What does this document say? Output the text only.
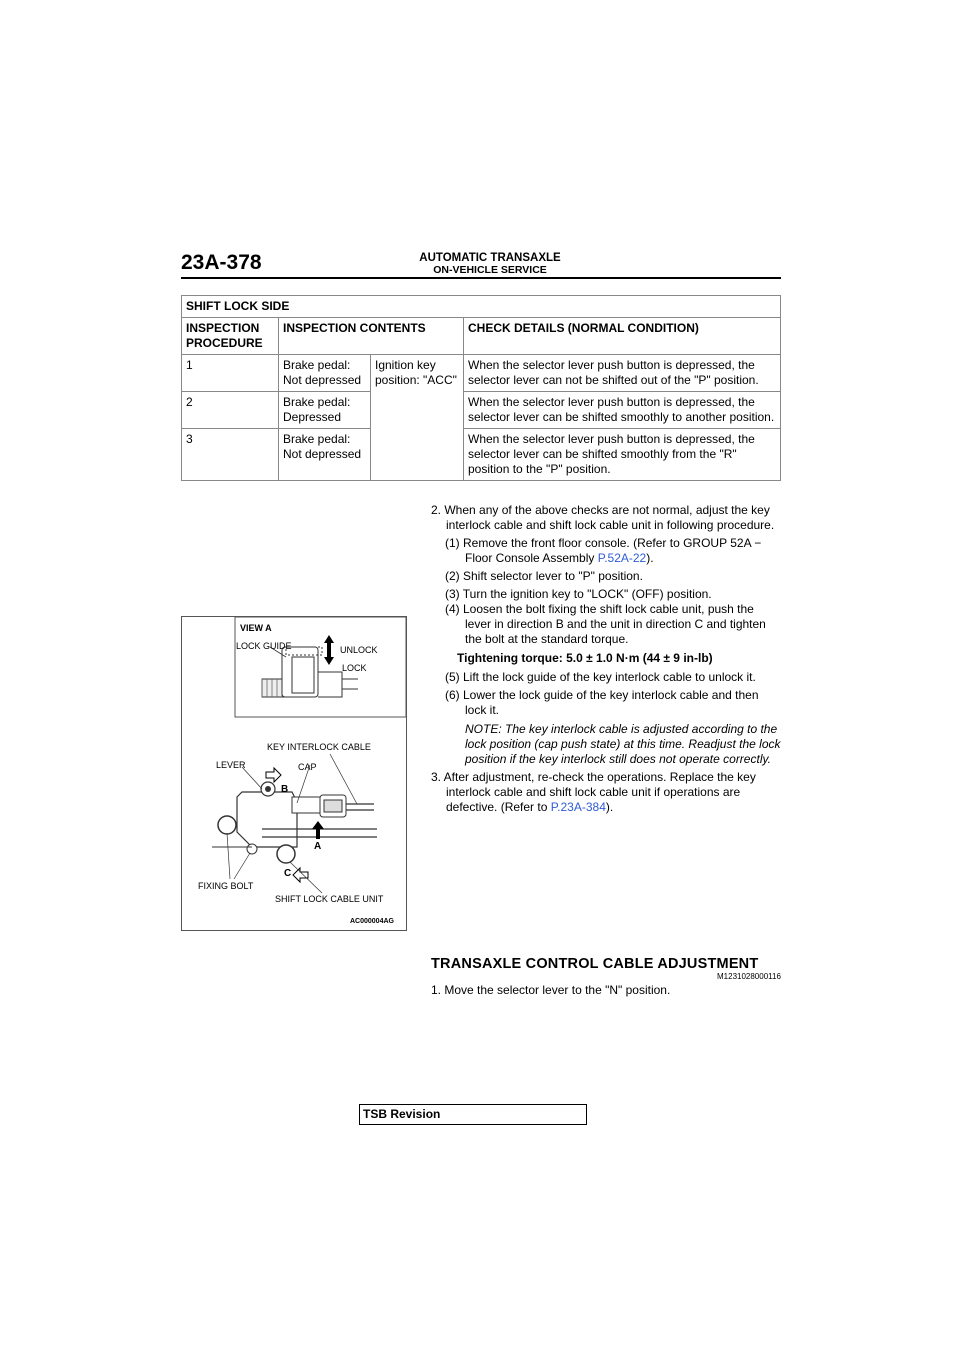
23A-378	AUTOMATIC TRANSAXLE
ON-VEHICLE SERVICE
SHIFT LOCK SIDE			
INSPECTION PROCEDURE	INSPECTION CONTENTS		CHECK DETAILS (NORMAL CONDITION)
1	Brake pedal: Not depressed	Ignition key position: "ACC"	When the selector lever push button is depressed, the selector lever can not be shifted out of the "P" position.
2	Brake pedal: Depressed		When the selector lever push button is depressed, the selector lever can be shifted smoothly to another position.
3	Brake pedal: Not depressed		When the selector lever push button is depressed, the selector lever can be shifted smoothly from the "R" position to the "P" position.
2. When any of the above checks are not normal, adjust the key interlock cable and shift lock cable unit in following procedure.
(1) Remove the front floor console. (Refer to GROUP 52A − Floor Console Assembly P.52A-22).
(2) Shift selector lever to "P" position.
(3) Turn the ignition key to "LOCK" (OFF) position.
(4) Loosen the bolt fixing the shift lock cable unit, push the lever in direction B and the unit in direction C and tighten the bolt at the standard torque.
Tightening torque: 5.0 ± 1.0 N·m (44 ± 9 in-lb)
(5) Lift the lock guide of the key interlock cable to unlock it.
(6) Lower the lock guide of the key interlock cable and then lock it.
NOTE: The key interlock cable is adjusted according to the lock position (cap push state) at this time. Readjust the lock position if the key interlock still does not operate correctly.
3. After adjustment, re-check the operations. Replace the key interlock cable and shift lock cable unit if operations are defective. (Refer to P.23A-384).
VIEW A
LOCK GUIDE	UNLOCK
LOCK
KEY INTERLOCK CABLE
LEVER	CAP
B
A
C
FIXING BOLT
SHIFT LOCK CABLE UNIT
AC000004AG
TRANSAXLE CONTROL CABLE ADJUSTMENT
M1231028000116
1. Move the selector lever to the "N" position.
TSB Revision
